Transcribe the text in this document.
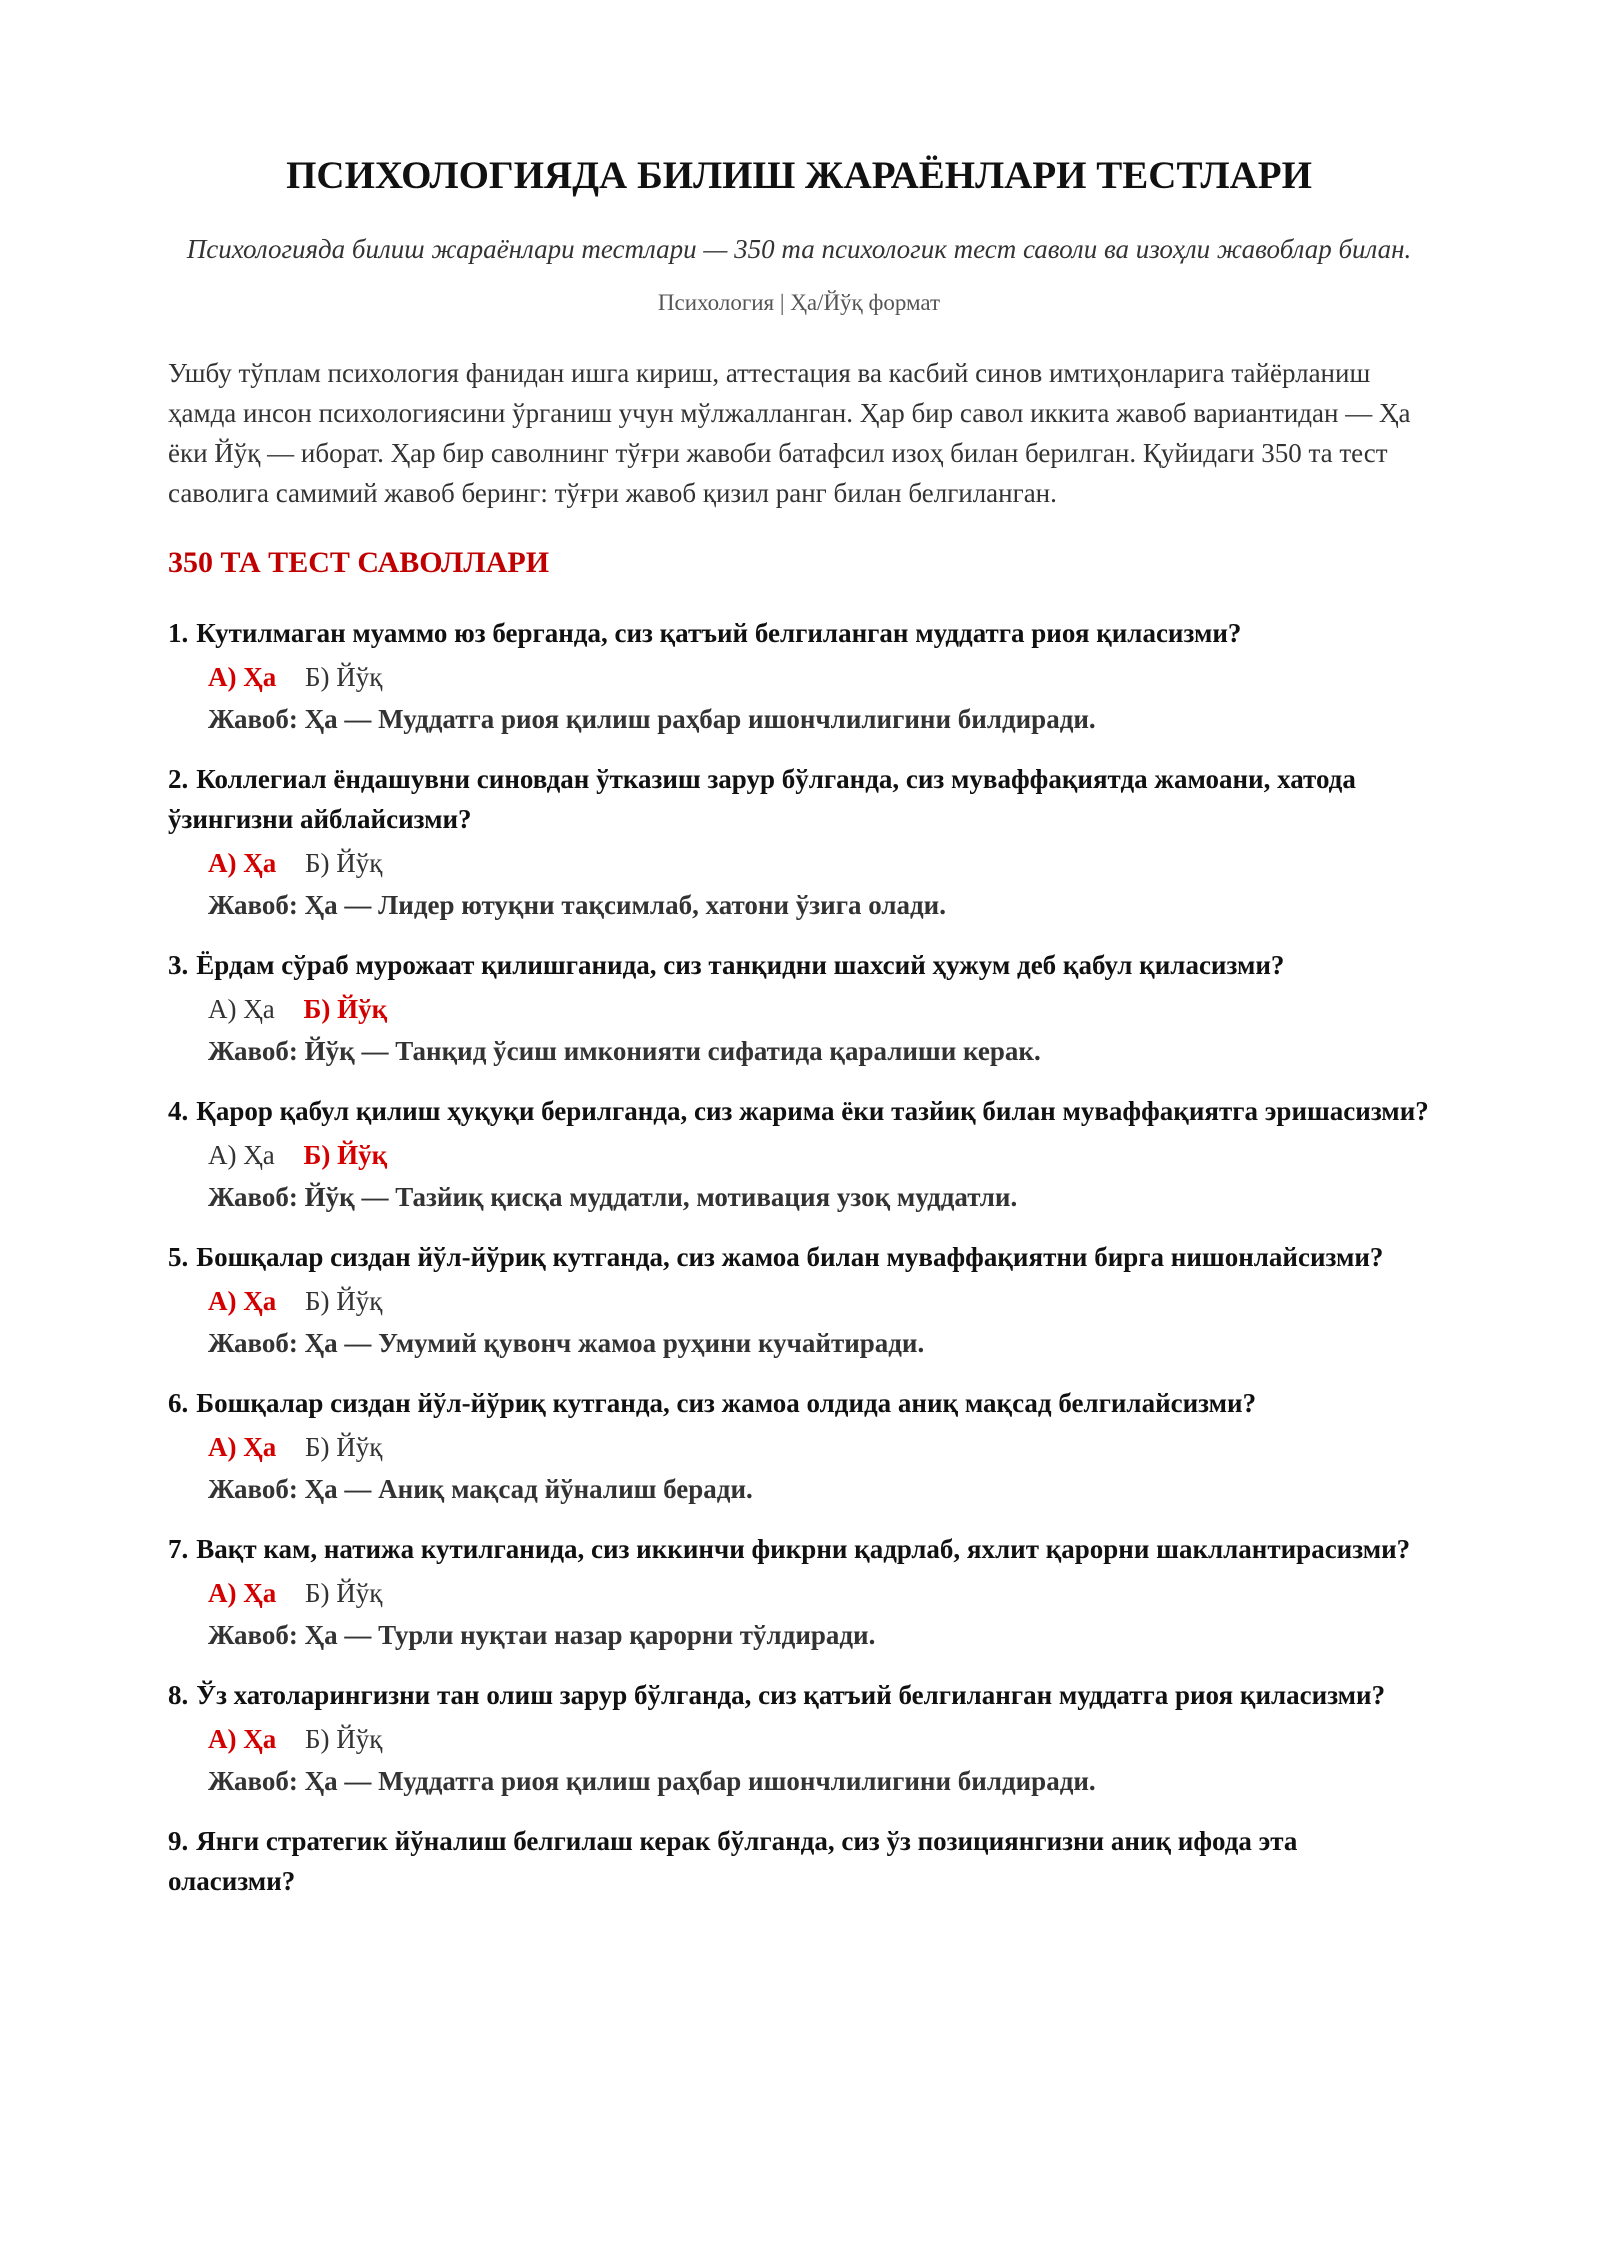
ПСИХОЛОГИЯДА БИЛИШ ЖАРАЁНЛАРИ ТЕСТЛАРИ

Психологияда билиш жараёнлари тестлари — 350 та психологик тест саволи ва изоҳли жавоблар билан.

Психология | Ҳа/Йўқ формат

Ушбу тўплам психология фанидан ишга кириш, аттестация ва касбий синов имтиҳонларига тайёрланиш ҳамда инсон психологиясини ўрганиш учун мўлжалланган. Ҳар бир савол иккита жавоб вариантидан — Ҳа ёки Йўқ — иборат. Ҳар бир саволнинг тўғри жавоби батафсил изоҳ билан берилган. Қуйидаги 350 та тест саволига самимий жавоб беринг: тўғри жавоб қизил ранг билан белгиланган.

350 ТА ТЕСТ САВОЛЛАРИ
1. Кутилмаган муаммо юз берганда, сиз қатъий белгиланган муддатга риоя қиласизми?
А) Ҳа Б) Йўқ
Жавоб: Ҳа — Муддатга риоя қилиш раҳбар ишончлилигини билдиради.
2. Коллегиал ёндашувни синовдан ўтказиш зарур бўлганда, сиз муваффақиятда жамоани, хатода ўзингизни айблайсизми?
А) Ҳа Б) Йўқ
Жавоб: Ҳа — Лидер ютуқни тақсимлаб, хатони ўзига олади.
3. Ёрдам сўраб мурожаат қилишганида, сиз танқидни шахсий ҳужум деб қабул қиласизми?
А) Ҳа Б) Йўқ
Жавоб: Йўқ — Танқид ўсиш имконияти сифатида қаралиши керак.
4. Қарор қабул қилиш ҳуқуқи берилганда, сиз жарима ёки тазйиқ билан муваффақиятга эришасизми?
А) Ҳа Б) Йўқ
Жавоб: Йўқ — Тазйиқ қисқа муддатли, мотивация узоқ муддатли.
5. Бошқалар сиздан йўл-йўриқ кутганда, сиз жамоа билан муваффақиятни бирга нишонлайсизми?
А) Ҳа Б) Йўқ
Жавоб: Ҳа — Умумий қувонч жамоа руҳини кучайтиради.
6. Бошқалар сиздан йўл-йўриқ кутганда, сиз жамоа олдида аниқ мақсад белгилайсизми?
А) Ҳа Б) Йўқ
Жавоб: Ҳа — Аниқ мақсад йўналиш беради.
7. Вақт кам, натижа кутилганида, сиз иккинчи фикрни қадрлаб, яхлит қарорни шакллантирасизми?
А) Ҳа Б) Йўқ
Жавоб: Ҳа — Турли нуқтаи назар қарорни тўлдиради.
8. Ўз хатоларингизни тан олиш зарур бўлганда, сиз қатъий белгиланган муддатга риоя қиласизми?
А) Ҳа Б) Йўқ
Жавоб: Ҳа — Муддатга риоя қилиш раҳбар ишончлилигини билдиради.
9. Янги стратегик йўналиш белгилаш керак бўлганда, сиз ўз позициянгизни аниқ ифода эта оласизми?
